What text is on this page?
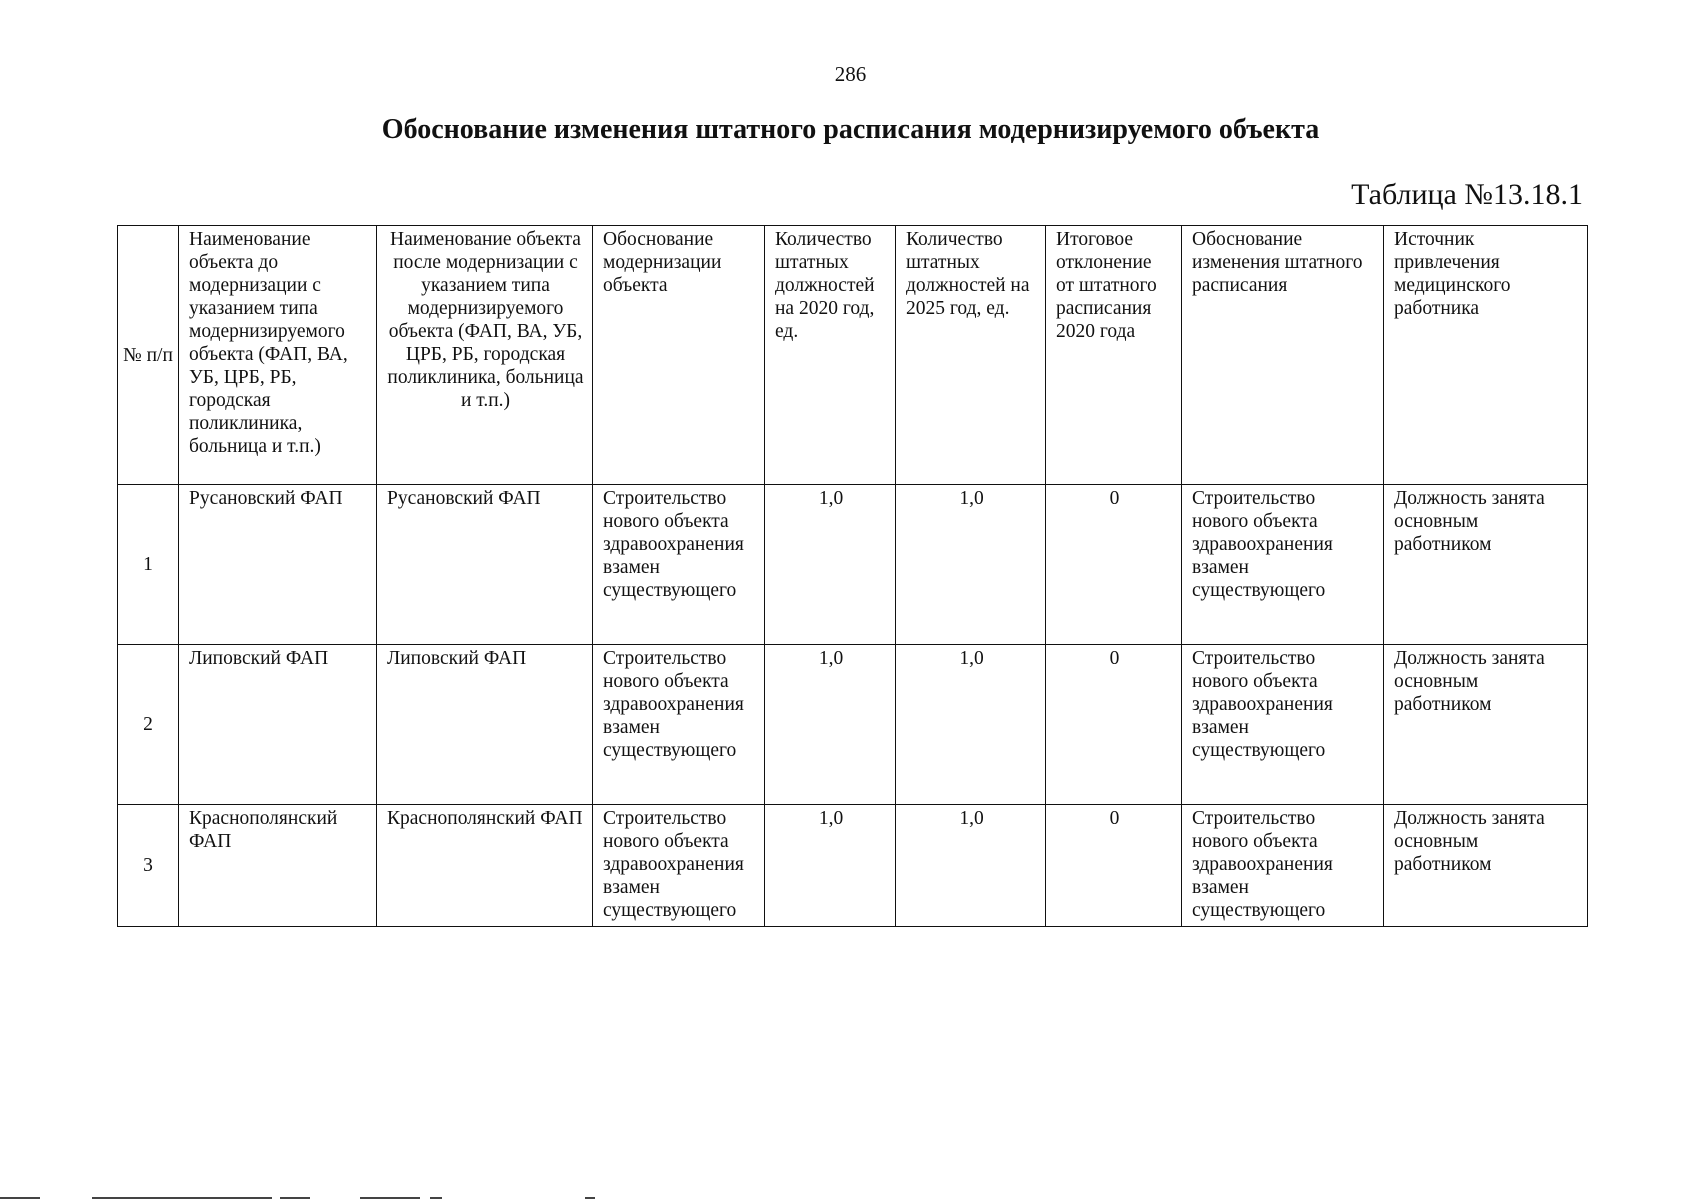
286
Обоснование изменения штатного расписания модернизируемого объекта
Таблица №13.18.1
№ п/п	Наименование объекта до модернизации с указанием типа модернизируемого объекта (ФАП, ВА, УБ, ЦРБ, РБ, городская поликлиника, больница и т.п.)	Наименование объекта после модернизации с указанием типа модернизируемого объекта (ФАП, ВА, УБ, ЦРБ, РБ, городская поликлиника, больница и т.п.)	Обоснование модернизации объекта	Количество штатных должностей на 2020 год, ед.	Количество штатных должностей на 2025 год, ед.	Итоговое отклонение от штатного расписания 2020 года	Обоснование изменения штатного расписания	Источник привлечения медицинского работника
1	Русановский ФАП	Русановский ФАП	Строительство нового объекта здравоохранения взамен существующего	1,0	1,0	0	Строительство нового объекта здравоохранения взамен существующего	Должность занята основным работником
2	Липовский ФАП	Липовский ФАП	Строительство нового объекта здравоохранения взамен существующего	1,0	1,0	0	Строительство нового объекта здравоохранения взамен существующего	Должность занята основным работником
3	Краснополянский ФАП	Краснополянский ФАП	Строительство нового объекта здравоохранения взамен существующего	1,0	1,0	0	Строительство нового объекта здравоохранения взамен существующего	Должность занята основным работником
